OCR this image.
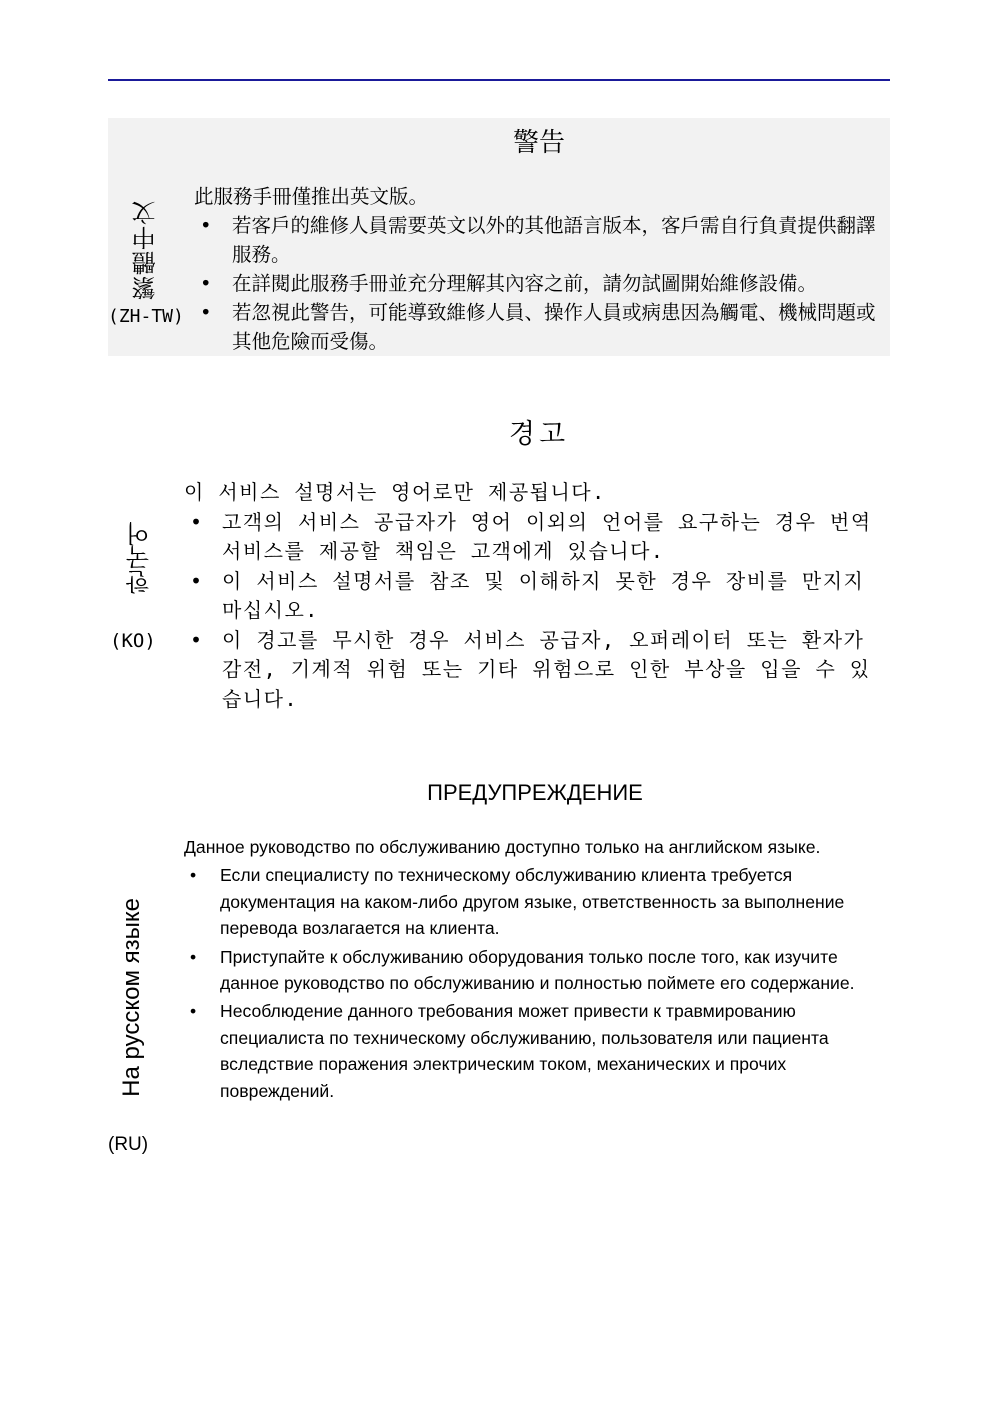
警告
繁體中文
(ZH-TW)

此服務手冊僅推出英文版。

• 若客戶的維修人員需要英文以外的其他語言版本，客戶需自行負責提供翻譯服務。
• 在詳閱此服務手冊並充分理解其內容之前，請勿試圖開始維修設備。
• 若忽視此警告，可能導致維修人員、操作人員或病患因為觸電、機械問題或其他危險而受傷。
경고
한국어
(KO)

이 서비스 설명서는 영어로만 제공됩니다.

• 고객의 서비스 공급자가 영어 이외의 언어를 요구하는 경우 번역 서비스를 제공할 책임은 고객에게 있습니다.
• 이 서비스 설명서를 참조 및 이해하지 못한 경우 장비를 만지지 마십시오.
• 이 경고를 무시한 경우 서비스 공급자, 오퍼레이터 또는 환자가 감전, 기계적 위험 또는 기타 위험으로 인한 부상을 입을 수 있습니다.
ПРЕДУПРЕЖДЕНИЕ
На русском языке
(RU)

Данное руководство по обслуживанию доступно только на английском языке.

• Если специалисту по техническому обслуживанию клиента требуется документация на каком-либо другом языке, ответственность за выполнение перевода возлагается на клиента.
• Приступайте к обслуживанию оборудования только после того, как изучите данное руководство по обслуживанию и полностью поймете его содержание.
• Несоблюдение данного требования может привести к травмированию специалиста по техническому обслуживанию, пользователя или пациента вследствие поражения электрическим током, механических и прочих повреждений.
